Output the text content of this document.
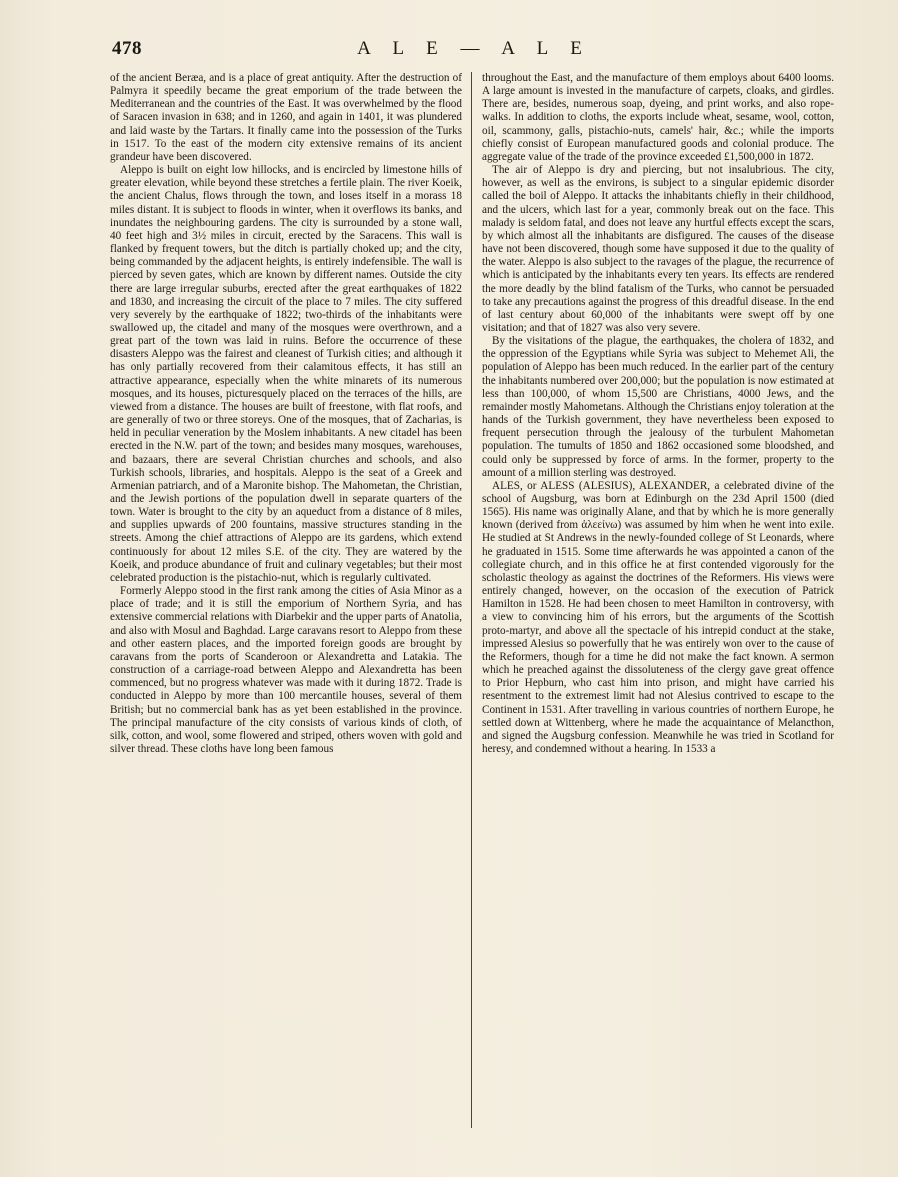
478	A L E — A L E

of the ancient Beræa, and is a place of great antiquity. After the destruction of Palmyra it speedily became the great emporium of the trade between the Mediterranean and the countries of the East. It was overwhelmed by the flood of Saracen invasion in 638; and in 1260, and again in 1401, it was plundered and laid waste by the Tartars. It finally came into the possession of the Turks in 1517. To the east of the modern city extensive remains of its ancient grandeur have been discovered.

Aleppo is built on eight low hillocks, and is encircled by limestone hills of greater elevation, while beyond these stretches a fertile plain. The river Koeik, the ancient Chalus, flows through the town, and loses itself in a morass 18 miles distant. It is subject to floods in winter, when it overflows its banks, and inundates the neighbouring gardens. The city is surrounded by a stone wall, 40 feet high and 3½ miles in circuit, erected by the Saracens. This wall is flanked by frequent towers, but the ditch is partially choked up; and the city, being commanded by the adjacent heights, is entirely indefensible. The wall is pierced by seven gates, which are known by different names. Outside the city there are large irregular suburbs, erected after the great earthquakes of 1822 and 1830, and increasing the circuit of the place to 7 miles. The city suffered very severely by the earthquake of 1822; two-thirds of the inhabitants were swallowed up, the citadel and many of the mosques were overthrown, and a great part of the town was laid in ruins. Before the occurrence of these disasters Aleppo was the fairest and cleanest of Turkish cities; and although it has only partially recovered from their calamitous effects, it has still an attractive appearance, especially when the white minarets of its numerous mosques, and its houses, picturesquely placed on the terraces of the hills, are viewed from a distance. The houses are built of freestone, with flat roofs, and are generally of two or three storeys. One of the mosques, that of Zacharias, is held in peculiar veneration by the Moslem inhabitants. A new citadel has been erected in the N.W. part of the town; and besides many mosques, warehouses, and bazaars, there are several Christian churches and schools, and also Turkish schools, libraries, and hospitals. Aleppo is the seat of a Greek and Armenian patriarch, and of a Maronite bishop. The Mahometan, the Christian, and the Jewish portions of the population dwell in separate quarters of the town. Water is brought to the city by an aqueduct from a distance of 8 miles, and supplies upwards of 200 fountains, massive structures standing in the streets. Among the chief attractions of Aleppo are its gardens, which extend continuously for about 12 miles S.E. of the city. They are watered by the Koeik, and produce abundance of fruit and culinary vegetables; but their most celebrated production is the pistachio-nut, which is regularly cultivated.

Formerly Aleppo stood in the first rank among the cities of Asia Minor as a place of trade; and it is still the emporium of Northern Syria, and has extensive commercial relations with Diarbekir and the upper parts of Anatolia, and also with Mosul and Baghdad. Large caravans resort to Aleppo from these and other eastern places, and the imported foreign goods are brought by caravans from the ports of Scanderoon or Alexandretta and Latakia. The construction of a carriage-road between Aleppo and Alexandretta has been commenced, but no progress whatever was made with it during 1872. Trade is conducted in Aleppo by more than 100 mercantile houses, several of them British; but no commercial bank has as yet been established in the province. The principal manufacture of the city consists of various kinds of cloth, of silk, cotton, and wool, some flowered and striped, others woven with gold and silver thread. These cloths have long been famous

throughout the East, and the manufacture of them employs about 6400 looms. A large amount is invested in the manufacture of carpets, cloaks, and girdles. There are, besides, numerous soap, dyeing, and print works, and also rope-walks. In addition to cloths, the exports include wheat, sesame, wool, cotton, oil, scammony, galls, pistachio-nuts, camels' hair, &c.; while the imports chiefly consist of European manufactured goods and colonial produce. The aggregate value of the trade of the province exceeded £1,500,000 in 1872.

The air of Aleppo is dry and piercing, but not insalubrious. The city, however, as well as the environs, is subject to a singular epidemic disorder called the boil of Aleppo. It attacks the inhabitants chiefly in their childhood, and the ulcers, which last for a year, commonly break out on the face. This malady is seldom fatal, and does not leave any hurtful effects except the scars, by which almost all the inhabitants are disfigured. The causes of the disease have not been discovered, though some have supposed it due to the quality of the water. Aleppo is also subject to the ravages of the plague, the recurrence of which is anticipated by the inhabitants every ten years. Its effects are rendered the more deadly by the blind fatalism of the Turks, who cannot be persuaded to take any precautions against the progress of this dreadful disease. In the end of last century about 60,000 of the inhabitants were swept off by one visitation; and that of 1827 was also very severe.

By the visitations of the plague, the earthquakes, the cholera of 1832, and the oppression of the Egyptians while Syria was subject to Mehemet Ali, the population of Aleppo has been much reduced. In the earlier part of the century the inhabitants numbered over 200,000; but the population is now estimated at less than 100,000, of whom 15,500 are Christians, 4000 Jews, and the remainder mostly Mahometans. Although the Christians enjoy toleration at the hands of the Turkish government, they have nevertheless been exposed to frequent persecution through the jealousy of the turbulent Mahometan population. The tumults of 1850 and 1862 occasioned some bloodshed, and could only be suppressed by force of arms. In the former, property to the amount of a million sterling was destroyed.

ALES, or ALESS (ALESIUS), ALEXANDER, a celebrated divine of the school of Augsburg, was born at Edinburgh on the 23d April 1500 (died 1565). His name was originally Alane, and that by which he is more generally known (derived from ἀλεείνω) was assumed by him when he went into exile. He studied at St Andrews in the newly-founded college of St Leonards, where he graduated in 1515. Some time afterwards he was appointed a canon of the collegiate church, and in this office he at first contended vigorously for the scholastic theology as against the doctrines of the Reformers. His views were entirely changed, however, on the occasion of the execution of Patrick Hamilton in 1528. He had been chosen to meet Hamilton in controversy, with a view to convincing him of his errors, but the arguments of the Scottish proto-martyr, and above all the spectacle of his intrepid conduct at the stake, impressed Alesius so powerfully that he was entirely won over to the cause of the Reformers, though for a time he did not make the fact known. A sermon which he preached against the dissoluteness of the clergy gave great offence to Prior Hepburn, who cast him into prison, and might have carried his resentment to the extremest limit had not Alesius contrived to escape to the Continent in 1531. After travelling in various countries of northern Europe, he settled down at Wittenberg, where he made the acquaintance of Melancthon, and signed the Augsburg confession. Meanwhile he was tried in Scotland for heresy, and condemned without a hearing. In 1533 a
